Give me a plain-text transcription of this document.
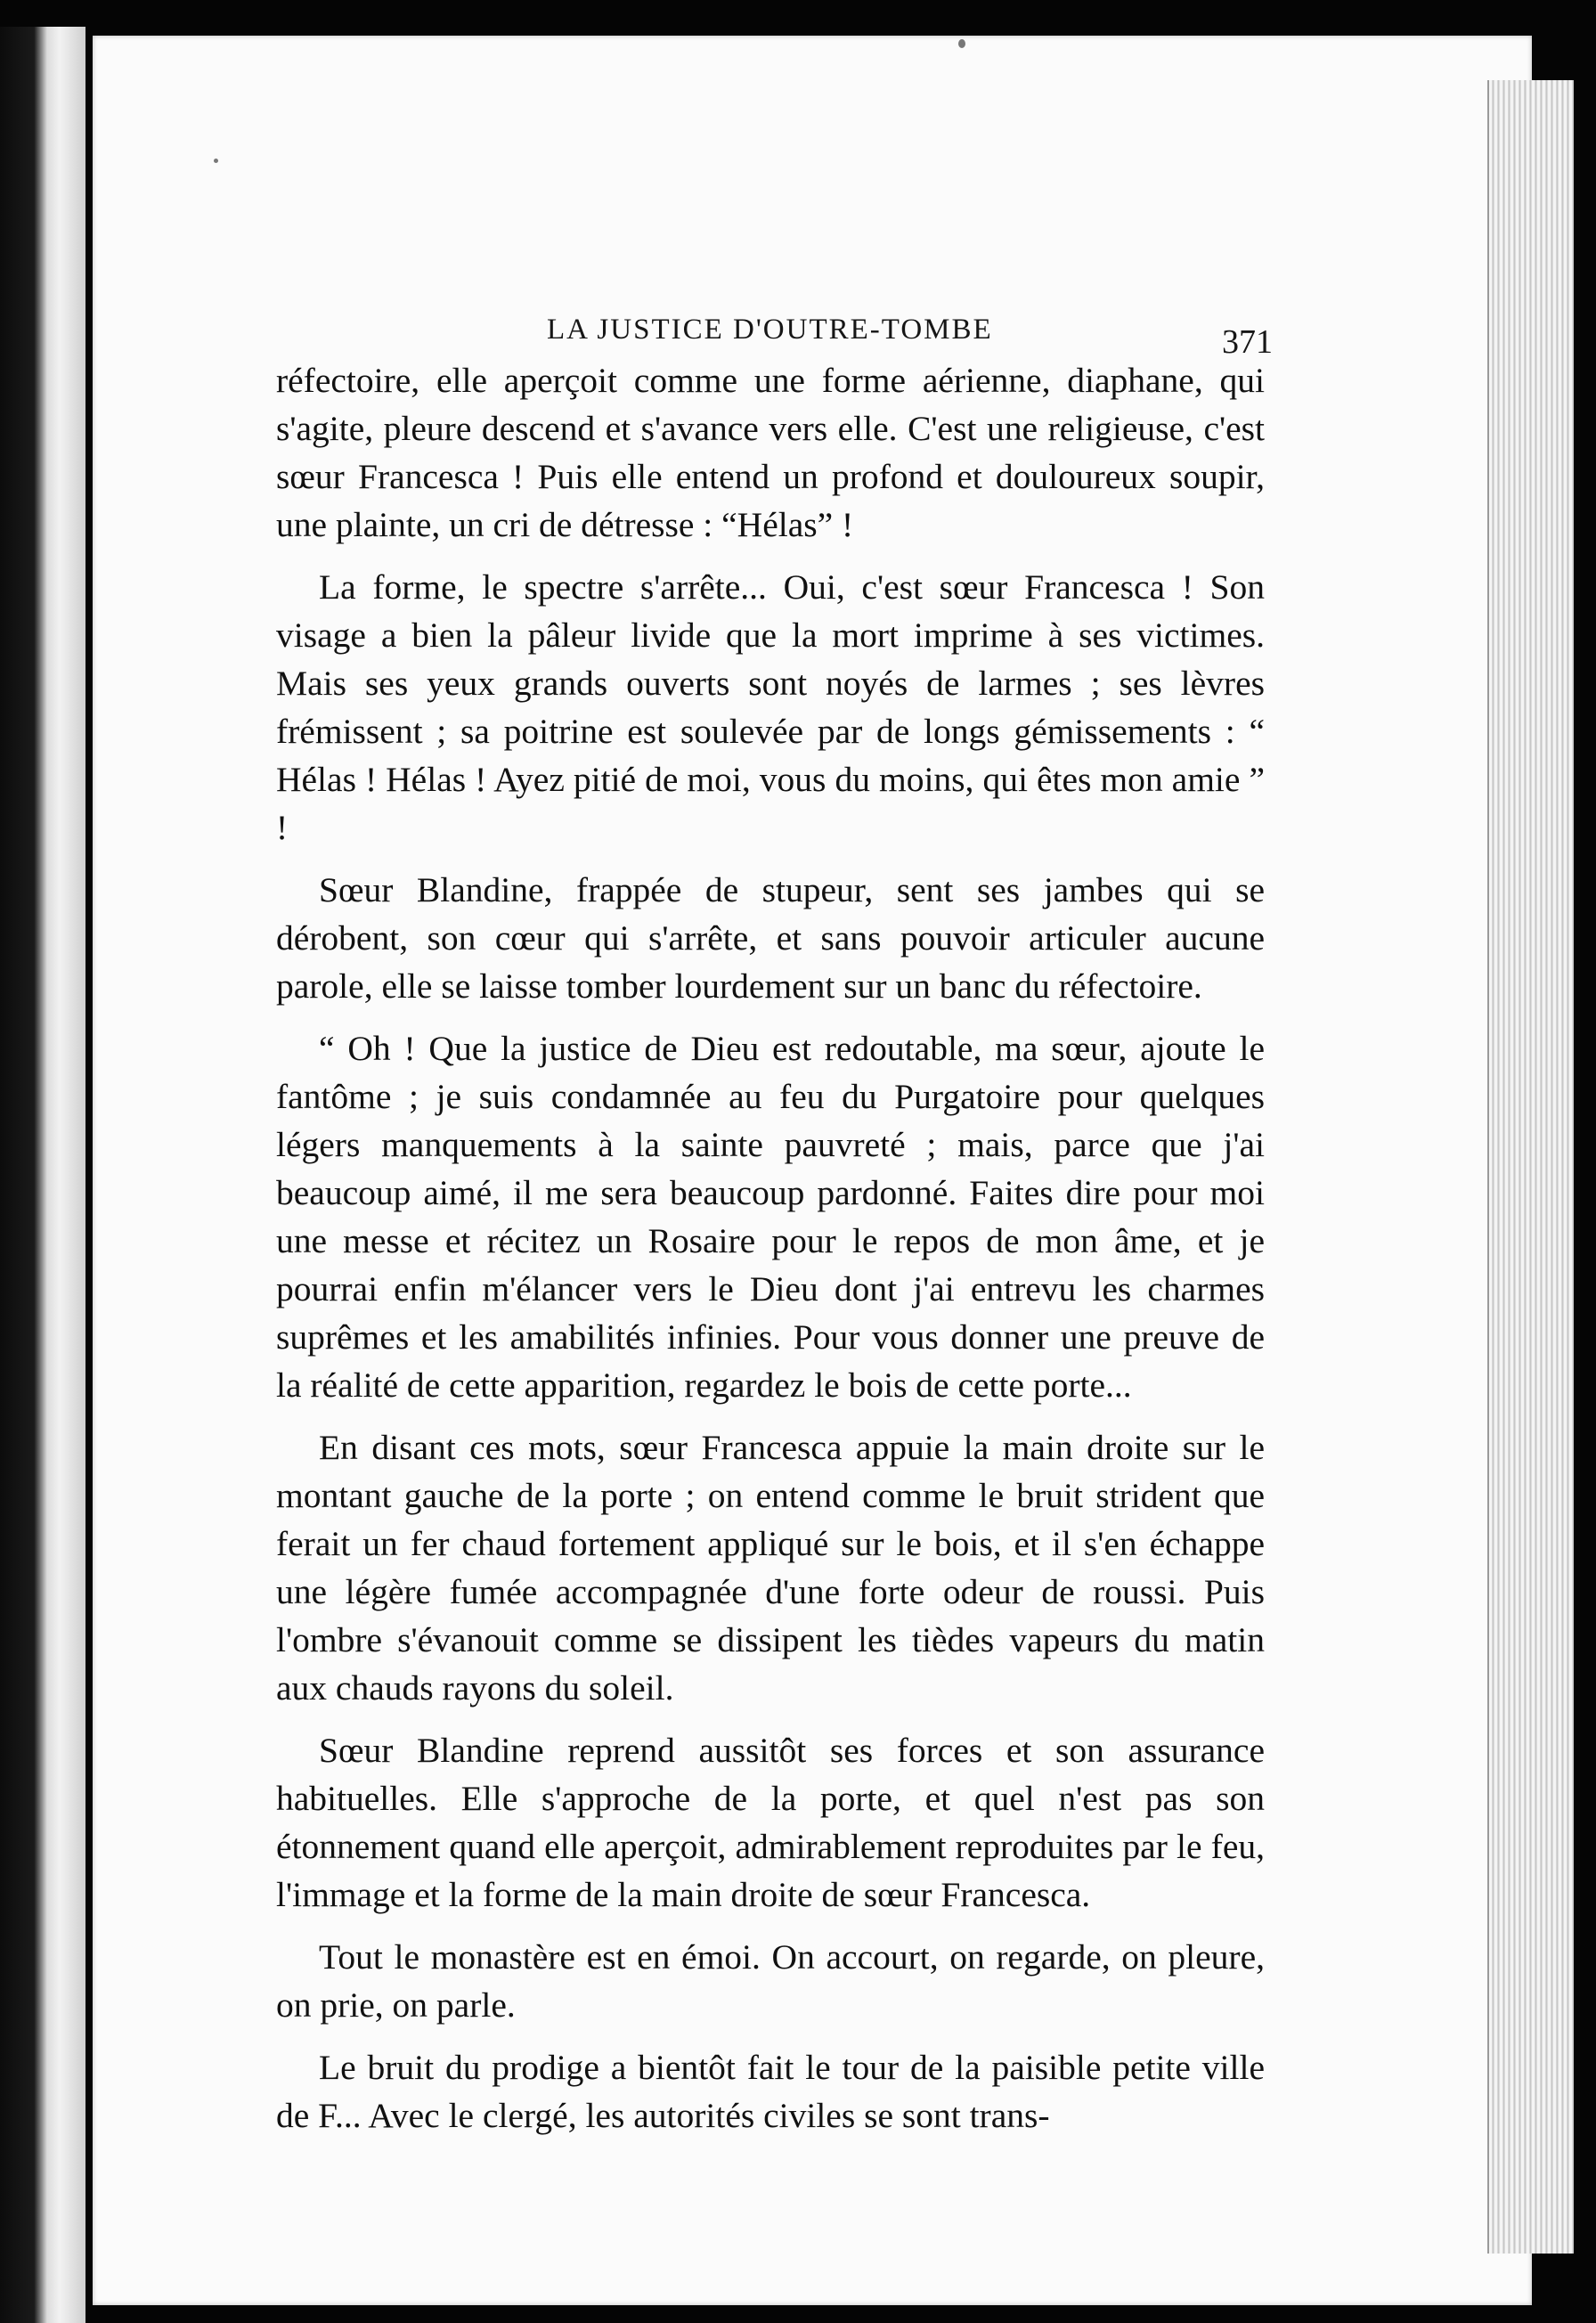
LA JUSTICE D'OUTRE-TOMBE	371

réfectoire, elle aperçoit comme une forme aérienne, diaphane, qui s'agite, pleure descend et s'avance vers elle. C'est une religieuse, c'est sœur Francesca ! Puis elle entend un profond et douloureux soupir, une plainte, un cri de détresse : “Hélas” !

La forme, le spectre s'arrête... Oui, c'est sœur Francesca ! Son visage a bien la pâleur livide que la mort imprime à ses victimes. Mais ses yeux grands ouverts sont noyés de larmes ; ses lèvres frémissent ; sa poitrine est soulevée par de longs gémissements : “ Hélas ! Hélas ! Ayez pitié de moi, vous du moins, qui êtes mon amie ” !

Sœur Blandine, frappée de stupeur, sent ses jambes qui se dérobent, son cœur qui s'arrête, et sans pouvoir articuler aucune parole, elle se laisse tomber lourdement sur un banc du réfectoire.

“ Oh ! Que la justice de Dieu est redoutable, ma sœur, ajoute le fantôme ; je suis condamnée au feu du Purgatoire pour quelques légers manquements à la sainte pauvreté ; mais, parce que j'ai beaucoup aimé, il me sera beaucoup pardonné. Faites dire pour moi une messe et récitez un Rosaire pour le repos de mon âme, et je pourrai enfin m'élancer vers le Dieu dont j'ai entrevu les charmes suprêmes et les amabilités infinies. Pour vous donner une preuve de la réalité de cette apparition, regardez le bois de cette porte...

En disant ces mots, sœur Francesca appuie la main droite sur le montant gauche de la porte ; on entend comme le bruit strident que ferait un fer chaud fortement appliqué sur le bois, et il s'en échappe une légère fumée accompagnée d'une forte odeur de roussi. Puis l'ombre s'évanouit comme se dissipent les tièdes vapeurs du matin aux chauds rayons du soleil.

Sœur Blandine reprend aussitôt ses forces et son assurance habituelles. Elle s'approche de la porte, et quel n'est pas son étonnement quand elle aperçoit, admirablement reproduites par le feu, l'immage et la forme de la main droite de sœur Francesca.

Tout le monastère est en émoi. On accourt, on regarde, on pleure, on prie, on parle.

Le bruit du prodige a bientôt fait le tour de la paisible petite ville de F... Avec le clergé, les autorités civiles se sont trans-
